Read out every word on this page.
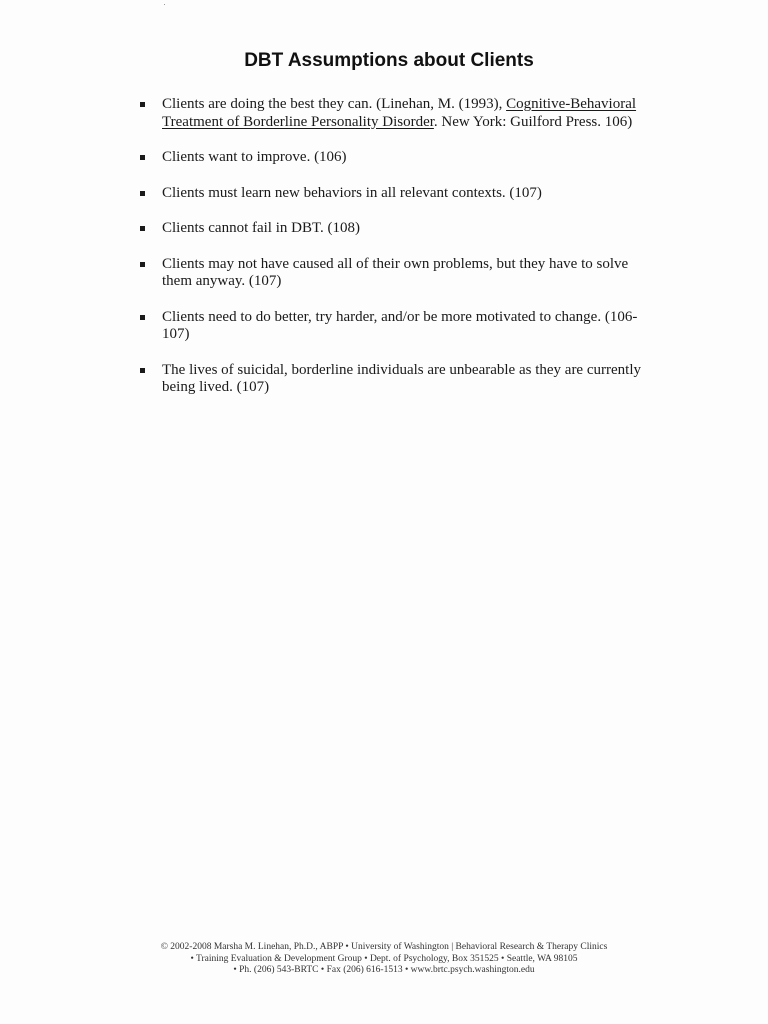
DBT Assumptions about Clients
Clients are doing the best they can. (Linehan, M. (1993), Cognitive-Behavioral Treatment of Borderline Personality Disorder. New York: Guilford Press. 106)
Clients want to improve. (106)
Clients must learn new behaviors in all relevant contexts. (107)
Clients cannot fail in DBT. (108)
Clients may not have caused all of their own problems, but they have to solve them anyway. (107)
Clients need to do better, try harder, and/or be more motivated to change. (106-107)
The lives of suicidal, borderline individuals are unbearable as they are currently being lived. (107)
© 2002-2008 Marsha M. Linehan, Ph.D., ABPP • University of Washington | Behavioral Research & Therapy Clinics
• Training Evaluation & Development Group • Dept. of Psychology, Box 351525 • Seattle, WA 98105
• Ph. (206) 543-BRTC • Fax (206) 616-1513 • www.brtc.psych.washington.edu
